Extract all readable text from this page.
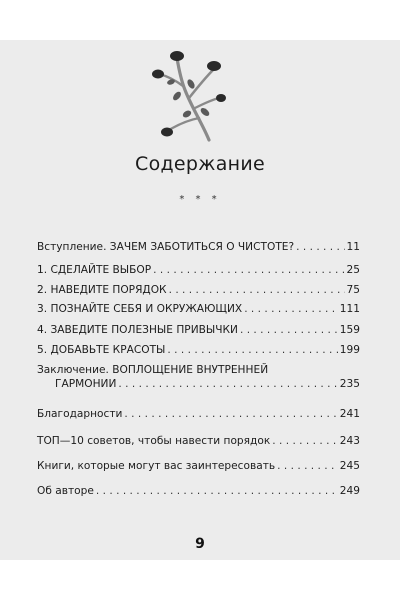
Содержание
* * *
Вступление. ЗАЧЕМ ЗАБОТИТЬСЯ О ЧИСТОТЕ? . . .	11
1. СДЕЛАЙТЕ ВЫБОР . . .	25
2. НАВЕДИТЕ ПОРЯДОК . . .	75
3. ПОЗНАЙТЕ СЕБЯ И ОКРУЖАЮЩИХ . . .	111
4. ЗАВЕДИТЕ ПОЛЕЗНЫЕ ПРИВЫЧКИ . . .	159
5. ДОБАВЬТЕ КРАСОТЫ . . .	199
Заключение. ВОПЛОЩЕНИЕ ВНУТРЕННЕЙ
ГАРМОНИИ . . .	235
Благодарности . . .	241
ТОП—10 советов, чтобы навести порядок . . .	243
Книги, которые могут вас заинтересовать . . .	245
Об авторе . . .	249
9
